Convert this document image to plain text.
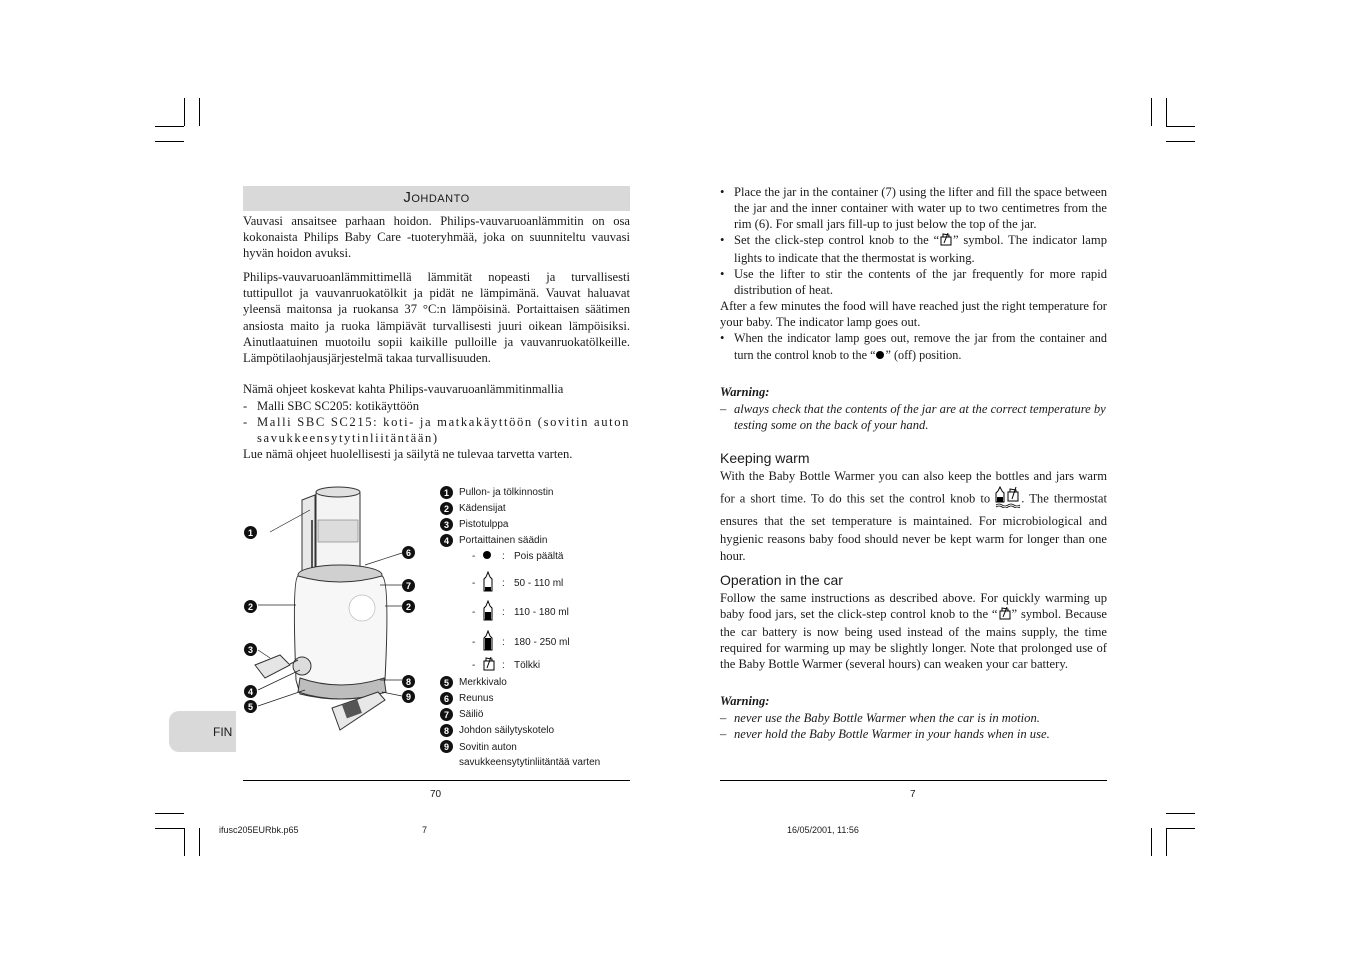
Johdanto

Vauvasi ansaitsee parhaan hoidon. Philips-vauvaruoanlämmitin on osa kokonaista Philips Baby Care -tuoteryhmää, joka on suunniteltu vauvasi hyvän hoidon avuksi.

Philips-vauvaruoanlämmittimellä lämmität nopeasti ja turvallisesti tuttipullot ja vauvanruokatölkit ja pidät ne lämpimänä. Vauvat haluavat yleensä maitonsa ja ruokansa 37 °C:n lämpöisinä. Portaittaisen säätimen ansiosta maito ja ruoka lämpiävät turvallisesti juuri oikean lämpöisiksi. Ainutlaatuinen muotoilu sopii kaikille pulloille ja vauvanruokatölkeille. Lämpötilaohjausjärjestelmä takaa turvallisuuden.

Nämä ohjeet koskevat kahta Philips-vauvaruoanlämmitinmallia

- Malli SBC SC205: kotikäyttöön
- Malli SBC SC215: koti- ja matkakäyttöön (sovitin auton savukkeensytytinliitäntään)

Lue nämä ohjeet huolellisesti ja säilytä ne tulevaa tarvetta varten.

1
6
7
2	2
3
8
4	9
5
1	Pullon- ja tölkinnostin
2	Kädensijat
3	Pistotulppa
4	Portaittainen säädin
-	: Pois päältä
-	: 50 - 110 ml
-	: 110 - 180 ml
-	: 180 - 250 ml
-	: Tölkki
5	Merkkivalo
6	Reunus
7	Säiliö
8	Johdon säilytyskotelo
9	Sovitin auton savukkeensytytinliitäntää varten
FIN
70
• Place the jar in the container (7) using the lifter and fill the space between the jar and the inner container with water up to two centimetres from the rim (6). For small jars fill-up to just below the top of the jar.
• Set the click-step control knob to the “ ” symbol. The indicator lamp lights to indicate that the thermostat is working.
• Use the lifter to stir the contents of the jar frequently for more rapid distribution of heat.
After a few minutes the food will have reached just the right temperature for your baby. The indicator lamp goes out.
• When the indicator lamp goes out, remove the jar from the container and turn the control knob to the “ ” (off) position.
Warning:
– always check that the contents of the jar are at the correct temperature by testing some on the back of your hand.
Keeping warm
With the Baby Bottle Warmer you can also keep the bottles and jars warm for a short time. To do this set the control knob to . The thermostat ensures that the set temperature is maintained. For microbiological and hygienic reasons baby food should never be kept warm for longer than one hour.
Operation in the car
Follow the same instructions as described above. For quickly warming up baby food jars, set the click-step control knob to the “ ” symbol. Because the car battery is now being used instead of the mains supply, the time required for warming up may be slightly longer. Note that prolonged use of the Baby Bottle Warmer (several hours) can weaken your car battery.
Warning:
– never use the Baby Bottle Warmer when the car is in motion.
– never hold the Baby Bottle Warmer in your hands when in use.
7
ifusc205EURbk.p65	7	16/05/2001, 11:56
